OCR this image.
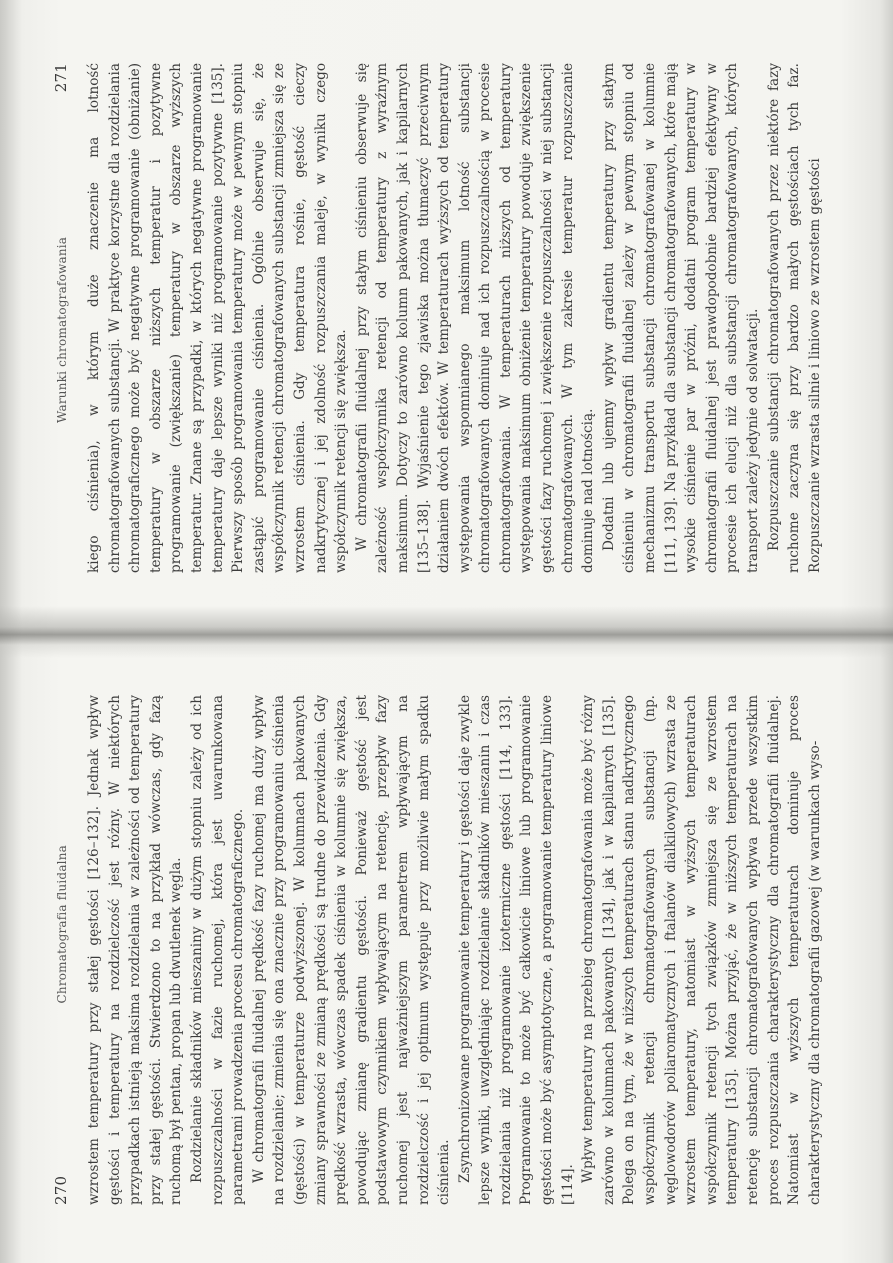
Warunki chromatografowania
271 kiego ciśnienia), w którym duże znaczenie ma lotność chromatografowanych substancji. W praktyce korzystne dla rozdzielania chromatograficznego może być negatywne programowanie (obniżanie) temperatury w obszarze niższych temperatur i pozytywne programowanie (zwiększanie) temperatury w obszarze wyższych temperatur. Znane są przypadki, w których negatywne programowanie temperatury daje lepsze wyniki niż programowanie pozytywne [135]. Pierwszy sposób programowania temperatury może w pewnym stopniu zastąpić programowanie ciśnienia. Ogólnie obserwuje się, że współczynnik retencji chromatografowanych substancji zmniejsza się ze wzrostem ciśnienia. Gdy temperatura rośnie, gęstość cieczy nadkrytycznej i jej zdolność rozpuszczania maleje, w wyniku czego współczynnik retencji się zwiększa. W chromatografii fluidalnej przy stałym ciśnieniu obserwuje się zależność współczynnika retencji od temperatury z wyraźnym maksimum. Dotyczy to zarówno kolumn pakowanych, jak i kapilarnych [135–138]. Wyjaśnienie tego zjawiska można tłumaczyć przeciwnym działaniem dwóch efektów. W temperaturach wyższych od temperatury występowania wspomnianego maksimum lotność substancji chromatografowanych dominuje nad ich rozpuszczalnością w procesie chromatografowania. W temperaturach niższych od temperatury występowania maksimum obniżenie temperatury powoduje zwiększenie gęstości fazy ruchomej i zwiększenie rozpuszczalności w niej substancji chromatografowanych. W tym zakresie temperatur rozpuszczanie dominuje nad lotnością. Dodatni lub ujemny wpływ gradientu temperatury przy stałym ciśnieniu w chromatografii fluidalnej zależy w pewnym stopniu od mechanizmu transportu substancji chromatografowanej w kolumnie [111, 139]. Na przykład dla substancji chromatografowanych, które mają wysokie ciśnienie par w próżni, dodatni program temperatury w chromatografii fluidalnej jest prawdopodobnie bardziej efektywny w procesie ich elucji niż dla substancji chromatografowanych, których transport zależy jedynie od solwatacji. Rozpuszczanie substancji chromatografowanych przez niektóre fazy ruchome zaczyna się przy bardzo małych gęstościach tych faz. Rozpuszczanie wzrasta silnie i liniowo ze wzrostem gęstości

270
Chromatografia fluidalna wzrostem temperatury przy stałej gęstości [126–132]. Jednak wpływ gęstości i temperatury na rozdzielczość jest różny. W niektórych przypadkach istnieją maksima rozdzielania w zależności od temperatury przy stałej gęstości. Stwierdzono to na przykład wówczas, gdy fazą ruchomą był pentan, propan lub dwutlenek węgla. Rozdzielanie składników mieszaniny w dużym stopniu zależy od ich rozpuszczalności w fazie ruchomej, która jest uwarunkowana parametrami prowadzenia procesu chromatograficznego. W chromatografii fluidalnej prędkość fazy ruchomej ma duży wpływ na rozdzielanie; zmienia się ona znacznie przy programowaniu ciśnienia (gęstości) w temperaturze podwyższonej. W kolumnach pakowanych zmiany sprawności ze zmianą prędkości są trudne do przewidzenia. Gdy prędkość wzrasta, wówczas spadek ciśnienia w kolumnie się zwiększa, powodując zmianę gradientu gęstości. Ponieważ gęstość jest podstawowym czynnikiem wpływającym na retencję, przepływ fazy ruchomej jest najważniejszym parametrem wpływającym na rozdzielczość i jej optimum występuje przy możliwie małym spadku ciśnienia. Zsynchronizowane programowanie temperatury i gęstości daje zwykle lepsze wyniki, uwzględniając rozdzielanie składników mieszanin i czas rozdzielania niż programowanie izotermiczne gęstości [114, 133]. Programowanie to może być całkowicie liniowe lub programowanie gęstości może być asymptotyczne, a programowanie temperatury liniowe [114].

Wpływ temperatury na przebieg chromatografowania może być różny zarówno w kolumnach pakowanych [134], jak i w kapilarnych [135]. Polega on na tym, że w niższych temperaturach stanu nadkrytycznego współczynnik retencji chromatografowanych substancji (np. węglowodorów poliaromatycznych i ftalanów dialkilowych) wzrasta ze wzrostem temperatury, natomiast w wyższych temperaturach współczynnik retencji tych związków zmniejsza się ze wzrostem temperatury [135]. Można przyjąć, że w niższych temperaturach na retencję substancji chromatografowanych wpływa przede wszystkim proces rozpuszczania charakterystyczny dla chromatografii fluidalnej. Natomiast w wyższych temperaturach dominuje proces charakterystyczny dla chromatografii gazowej (w warunkach wyso-
